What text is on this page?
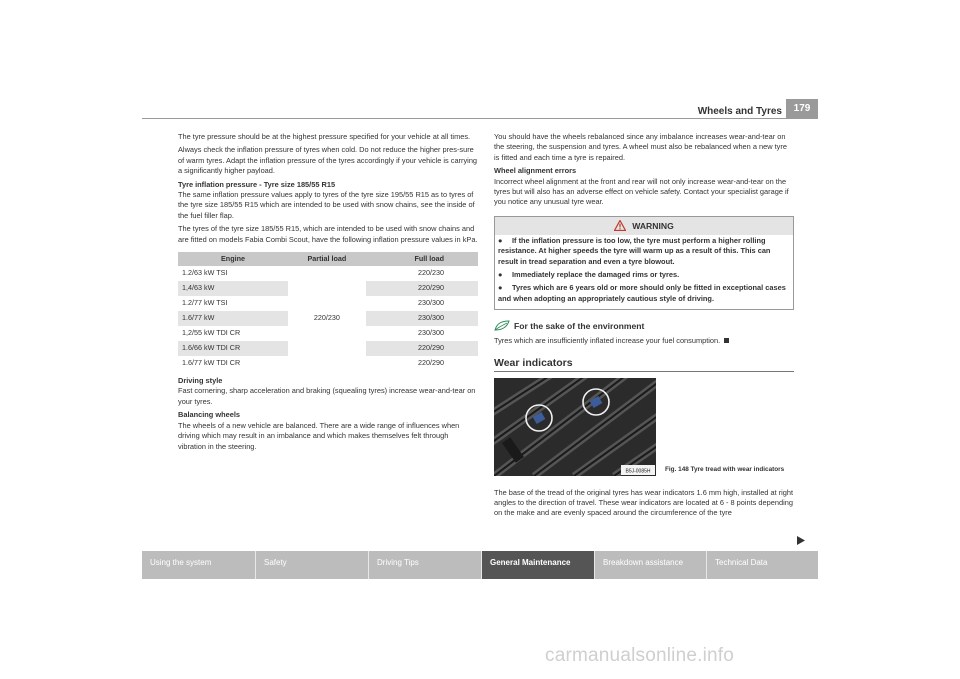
Wheels and Tyres	179

The tyre pressure should be at the highest pressure specified for your vehicle at all times.

Always check the inflation pressure of tyres when cold. Do not reduce the higher pres-sure of warm tyres. Adapt the inflation pressure of the tyres accordingly if your vehicle is carrying a significantly higher payload.

Tyre inflation pressure - Tyre size 185/55 R15

The same inflation pressure values apply to tyres of the tyre size 195/55 R15 as to tyres of the tyre size 185/55 R15 which are intended to be used with snow chains, see the inside of the fuel filler flap.

The tyres of the tyre size 185/55 R15, which are intended to be used with snow chains and are fitted on models Fabia Combi Scout, have the following inflation pressure values in kPa.

Engine	Partial load	Full load
1.2/63 kW TSI	220/230	220/230
1,4/63 kW		220/290
1.2/77 kW TSI		230/300
1.6/77 kW		230/300
1,2/55 kW TDI CR		230/300
1.6/66 kW TDI CR		220/290
1.6/77 kW TDI CR		220/290
Driving style

Fast cornering, sharp acceleration and braking (squealing tyres) increase wear-and-tear on your tyres.

Balancing wheels

The wheels of a new vehicle are balanced. There are a wide range of influences when driving which may result in an imbalance and which makes themselves felt through vibration in the steering.

You should have the wheels rebalanced since any imbalance increases wear-and-tear on the steering, the suspension and tyres. A wheel must also be rebalanced when a new tyre is fitted and each time a tyre is repaired.

Wheel alignment errors

Incorrect wheel alignment at the front and rear will not only increase wear-and-tear on the tyres but will also has an adverse effect on vehicle safety. Contact your specialist garage if you notice any unusual tyre wear.

WARNING
● If the inflation pressure is too low, the tyre must perform a higher rolling resistance. At higher speeds the tyre will warm up as a result of this. This can result in tread separation and even a tyre blowout.
● Immediately replace the damaged rims or tyres.
● Tyres which are 6 years old or more should only be fitted in exceptional cases and when adopting an appropriately cautious style of driving.
For the sake of the environment

Tyres which are insufficiently inflated increase your fuel consumption.

Wear indicators
B5J-0085H Fig. 148 Tyre tread with wear indicators

The base of the tread of the original tyres has wear indicators 1.6 mm high, installed at right angles to the direction of travel. These wear indicators are located at 6 - 8 points depending on the make and are evenly spaced around the circumference of the tyre

Using the system	Safety	Driving Tips	General Maintenance	Breakdown assistance	Technical Data
carmanualsonline.info
